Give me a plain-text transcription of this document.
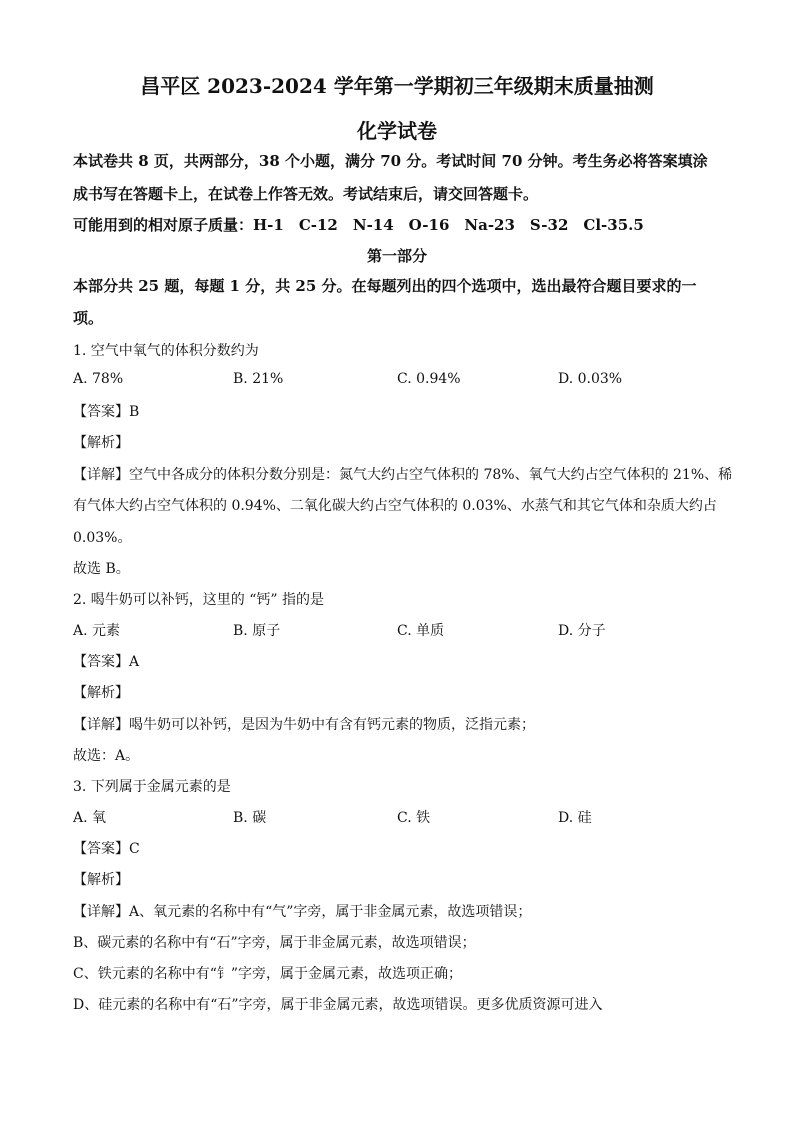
昌平区 2023-2024 学年第一学期初三年级期末质量抽测
化学试卷
本试卷共 8 页，共两部分，38 个小题，满分 70 分。考试时间 70 分钟。考生务必将答案填涂
成书写在答题卡上，在试卷上作答无效。考试结束后，请交回答题卡。
可能用到的相对原子质量：H-1　C-12　N-14　O-16　Na-23　S-32　Cl-35.5
第一部分
本部分共 25 题，每题 1 分，共 25 分。在每题列出的四个选项中，选出最符合题目要求的一
项。
1. 空气中氧气的体积分数约为
A. 78%	B. 21%	C. 0.94%	D. 0.03%
【答案】B
【解析】
【详解】空气中各成分的体积分数分别是：氮气大约占空气体积的 78%、氧气大约占空气体积的 21%、稀
有气体大约占空气体积的 0.94%、二氧化碳大约占空气体积的 0.03%、水蒸气和其它气体和杂质大约占
0.03%。
故选 B。
2. 喝牛奶可以补钙，这里的 “钙” 指的是
A. 元素	B. 原子	C. 单质	D. 分子
【答案】A
【解析】
【详解】喝牛奶可以补钙，是因为牛奶中有含有钙元素的物质，泛指元素；
故选：A。
3. 下列属于金属元素的是
A. 氧	B. 碳	C. 铁	D. 硅
【答案】C
【解析】
【详解】A、氧元素的名称中有“气”字旁，属于非金属元素，故选项错误；
B、碳元素的名称中有“石”字旁，属于非金属元素，故选项错误；
C、铁元素的名称中有“钅”字旁，属于金属元素，故选项正确；
D、硅元素的名称中有“石”字旁，属于非金属元素，故选项错误。更多优质资源可进入
